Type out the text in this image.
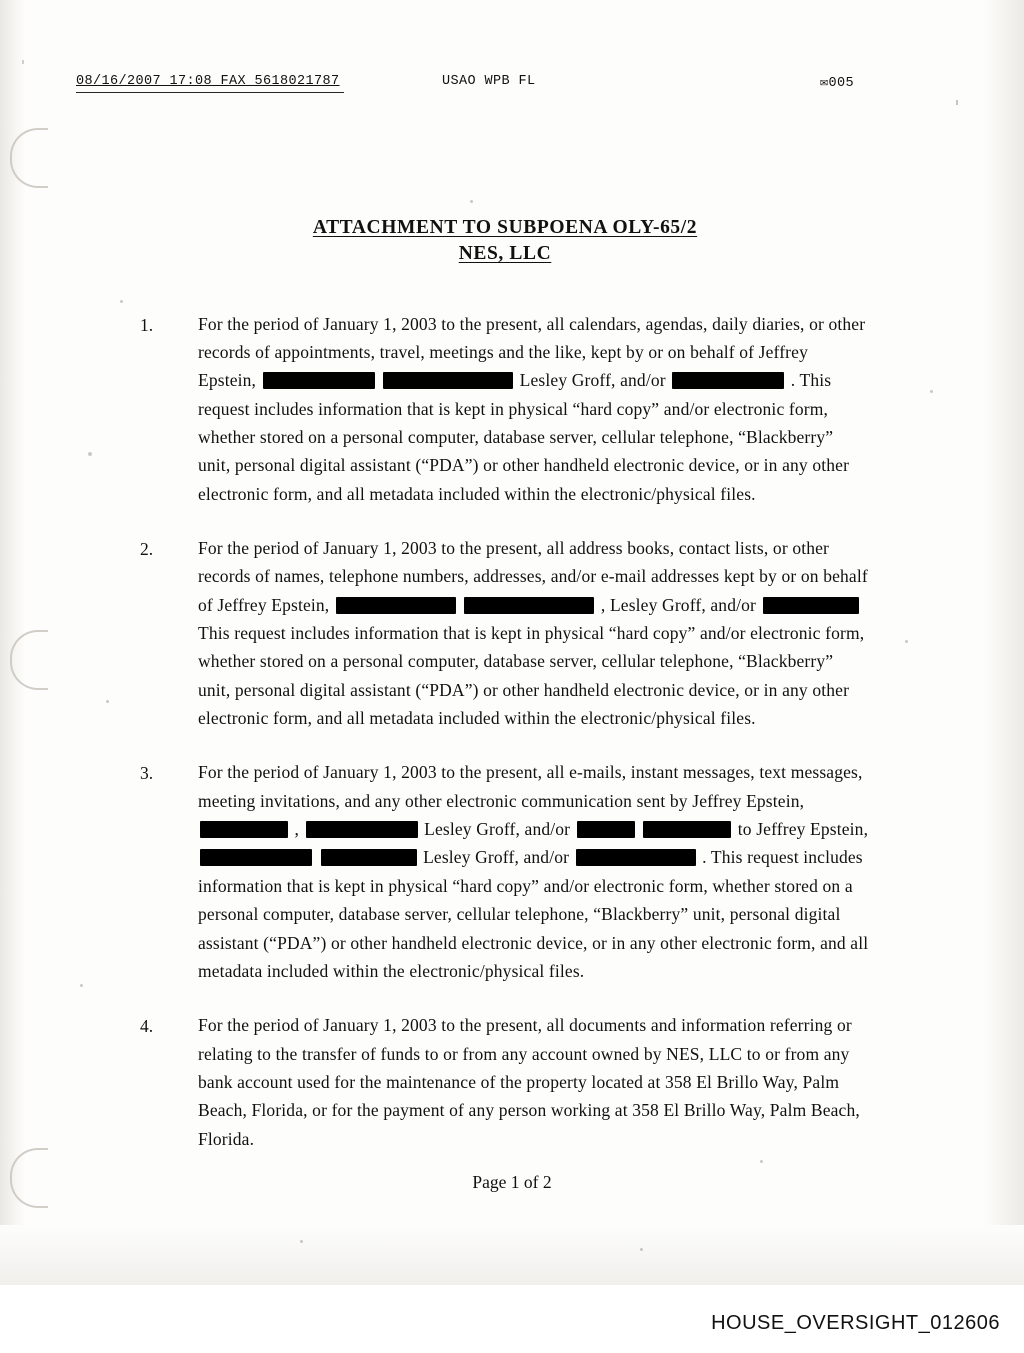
08/16/2007 17:08 FAX 5618021787	USAO WPB FL	✉005
ATTACHMENT TO SUBPOENA OLY-65/2
NES, LLC
1.	For the period of January 1, 2003 to the present, all calendars, agendas, daily diaries, or other records of appointments, travel, meetings and the like, kept by or on behalf of Jeffrey Epstein,	Lesley Groff, and/or	. This request includes information that is kept in physical “hard copy” and/or electronic form, whether stored on a personal computer, database server, cellular telephone, “Blackberry” unit, personal digital assistant (“PDA”) or other handheld electronic device, or in any other electronic form, and all metadata included within the electronic/physical files.

2.	For the period of January 1, 2003 to the present, all address books, contact lists, or other records of names, telephone numbers, addresses, and/or e-mail addresses kept by or on behalf of Jeffrey Epstein,	, Lesley Groff, and/or  This request includes information that is kept in physical “hard copy” and/or electronic form, whether stored on a personal computer, database server, cellular telephone, “Blackberry” unit, personal digital assistant (“PDA”) or other handheld electronic device, or in any other electronic form, and all metadata included within the electronic/physical files.

3.	For the period of January 1, 2003 to the present, all e-mails, instant messages, text messages, meeting invitations, and any other electronic communication sent by Jeffrey Epstein,  ,	Lesley Groff, and/or	to Jeffrey Epstein,   Lesley Groff, and/or	. This request includes information that is kept in physical “hard copy” and/or electronic form, whether stored on a personal computer, database server, cellular telephone, “Blackberry” unit, personal digital assistant (“PDA”) or other handheld electronic device, or in any other electronic form, and all metadata included within the electronic/physical files.

4.	For the period of January 1, 2003 to the present, all documents and information referring or relating to the transfer of funds to or from any account owned by NES, LLC to or from any bank account used for the maintenance of the property located at 358 El Brillo Way, Palm Beach, Florida, or for the payment of any person working at 358 El Brillo Way, Palm Beach, Florida.

Page 1 of 2
HOUSE_OVERSIGHT_012606
